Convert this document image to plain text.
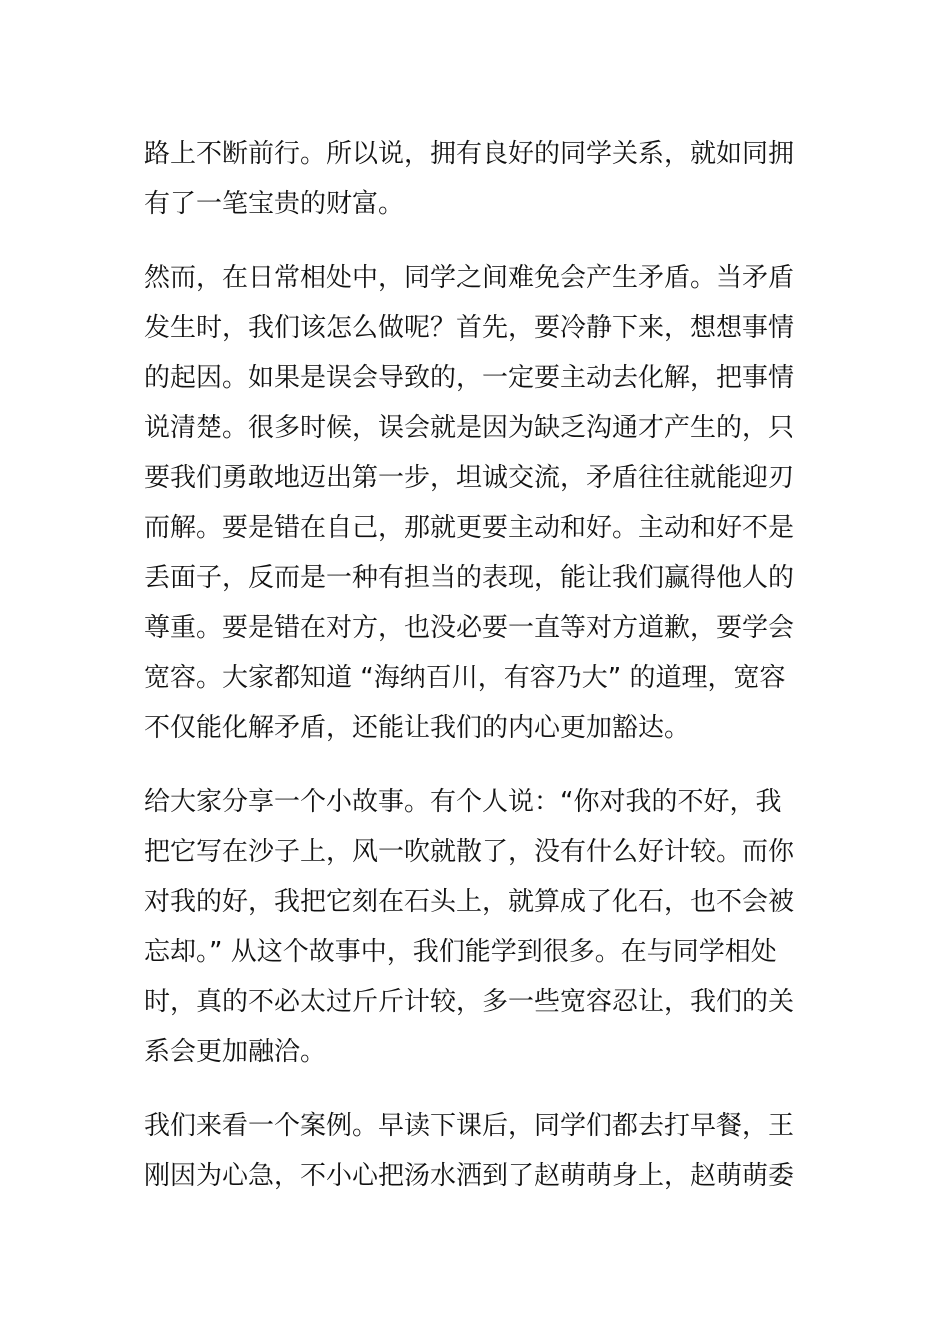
路上不断前行。所以说，拥有良好的同学关系，就如同拥
有了一笔宝贵的财富。

然而，在日常相处中，同学之间难免会产生矛盾。当矛盾
发生时，我们该怎么做呢？首先，要冷静下来，想想事情
的起因。如果是误会导致的，一定要主动去化解，把事情
说清楚。很多时候，误会就是因为缺乏沟通才产生的，只
要我们勇敢地迈出第一步，坦诚交流，矛盾往往就能迎刃
而解。要是错在自己，那就更要主动和好。主动和好不是
丢面子，反而是一种有担当的表现，能让我们赢得他人的
尊重。要是错在对方，也没必要一直等对方道歉，要学会
宽容。大家都知道 “海纳百川，有容乃大” 的道理，宽容
不仅能化解矛盾，还能让我们的内心更加豁达。

给大家分享一个小故事。有个人说：“你对我的不好，我
把它写在沙子上，风一吹就散了，没有什么好计较。而你
对我的好，我把它刻在石头上，就算成了化石，也不会被
忘却。” 从这个故事中，我们能学到很多。在与同学相处
时，真的不必太过斤斤计较，多一些宽容忍让，我们的关
系会更加融洽。

我们来看一个案例。早读下课后，同学们都去打早餐，王
刚因为心急，不小心把汤水洒到了赵萌萌身上，赵萌萌委
